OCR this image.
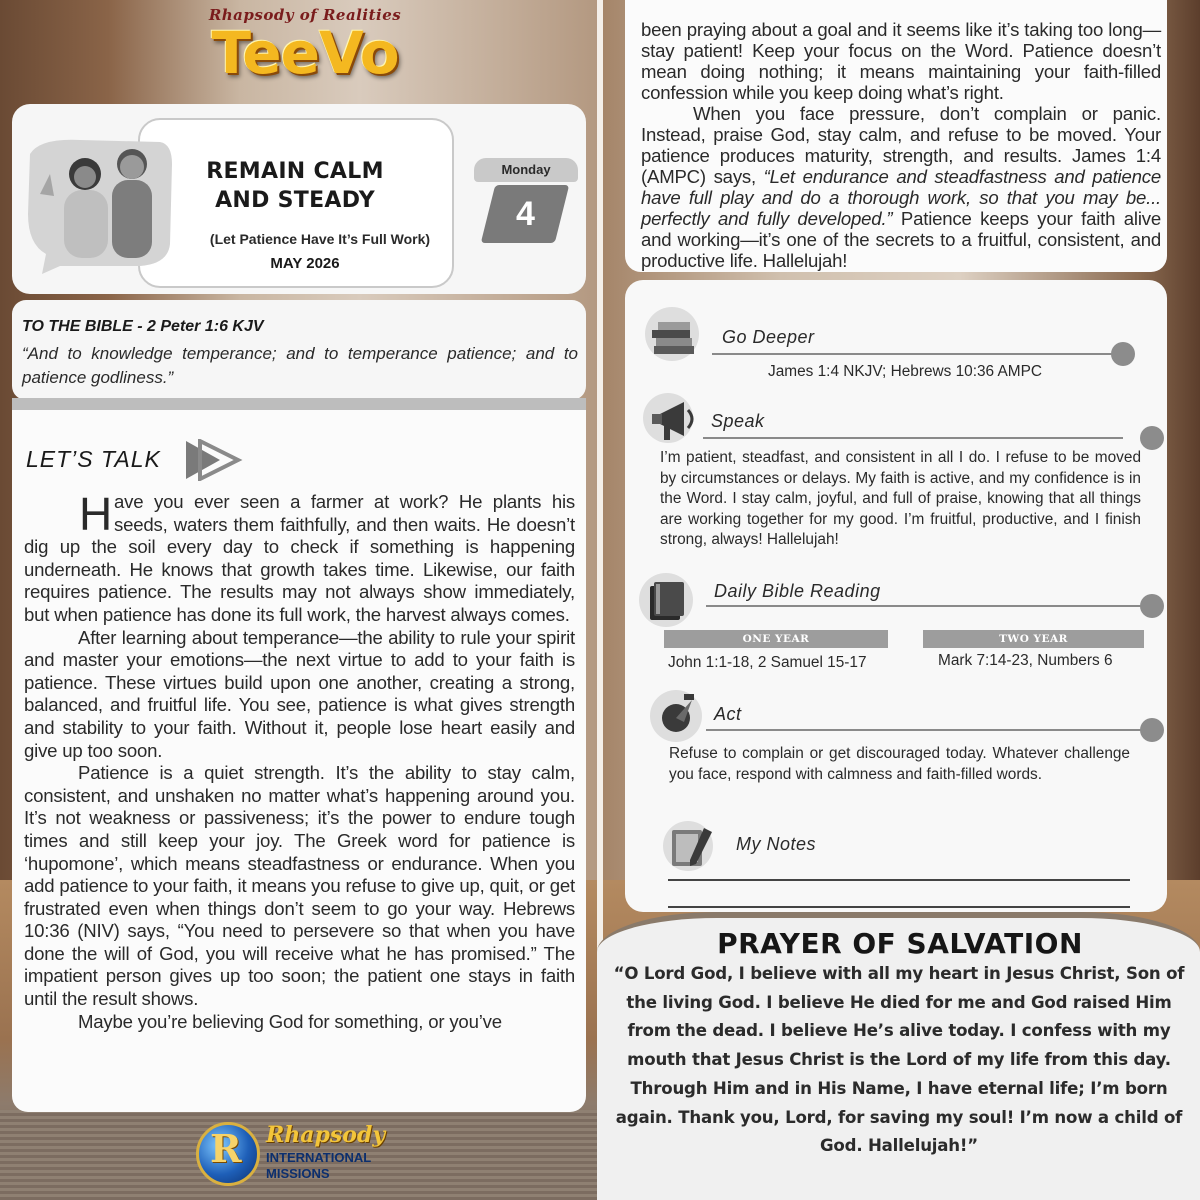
Rhapsody of Realities
TeeVo
REMAIN CALM
AND STEADY
(Let Patience Have It’s Full Work)
MAY 2026
Monday
4
TO THE BIBLE - 2 Peter 1:6 KJV
“And to knowledge temperance; and to temperance patience; and to patience godliness.”
LET’S TALK

Have you ever seen a farmer at work? He plants his seeds, waters them faithfully, and then waits. He doesn’t dig up the soil every day to check if something is happening underneath. He knows that growth takes time. Likewise, our faith requires patience. The results may not always show immediately, but when patience has done its full work, the harvest always comes.

After learning about temperance—the ability to rule your spirit and master your emotions—the next virtue to add to your faith is patience. These virtues build upon one another, creating a strong, balanced, and fruitful life. You see, patience is what gives strength and stability to your faith. Without it, people lose heart easily and give up too soon.

Patience is a quiet strength. It’s the ability to stay calm, consistent, and unshaken no matter what’s happening around you. It’s not weakness or passiveness; it’s the power to endure tough times and still keep your joy. The Greek word for patience is ‘hupomone’, which means steadfastness or endurance. When you add patience to your faith, it means you refuse to give up, quit, or get frustrated even when things don’t seem to go your way. Hebrews 10:36 (NIV) says, “You need to persevere so that when you have done the will of God, you will receive what he has promised.” The impatient person gives up too soon; the patient one stays in faith until the result shows.

Maybe you’re believing God for something, or you’ve

R Rhapsody
INTERNATIONAL
MISSIONS

been praying about a goal and it seems like it’s taking too long—stay patient! Keep your focus on the Word. Patience doesn’t mean doing nothing; it means maintaining your faith-filled confession while you keep doing what’s right.

When you face pressure, don’t complain or panic. Instead, praise God, stay calm, and refuse to be moved. Your patience produces maturity, strength, and results. James 1:4 (AMPC) says, “Let endurance and steadfastness and patience have full play and do a thorough work, so that you may be... perfectly and fully developed.” Patience keeps your faith alive and working—it’s one of the secrets to a fruitful, consistent, and productive life. Hallelujah!

Go Deeper
James 1:4 NKJV; Hebrews 10:36 AMPC
Speak
I’m patient, steadfast, and consistent in all I do. I refuse to be moved by circumstances or delays. My faith is active, and my confidence is in the Word. I stay calm, joyful, and full of praise, knowing that all things are working together for my good. I’m fruitful, productive, and I finish strong, always! Hallelujah!
Daily Bible Reading
ONE YEAR	TWO YEAR
John 1:1-18, 2 Samuel 15-17	Mark 7:14-23, Numbers 6
Act
Refuse to complain or get discouraged today. Whatever challenge you face, respond with calmness and faith-filled words.
My Notes
PRAYER OF SALVATION
“O Lord God, I believe with all my heart in Jesus Christ, Son of the living God. I believe He died for me and God raised Him from the dead. I believe He’s alive today. I confess with my mouth that Jesus Christ is the Lord of my life from this day. Through Him and in His Name, I have eternal life; I’m born again. Thank you, Lord, for saving my soul! I’m now a child of God. Hallelujah!”
